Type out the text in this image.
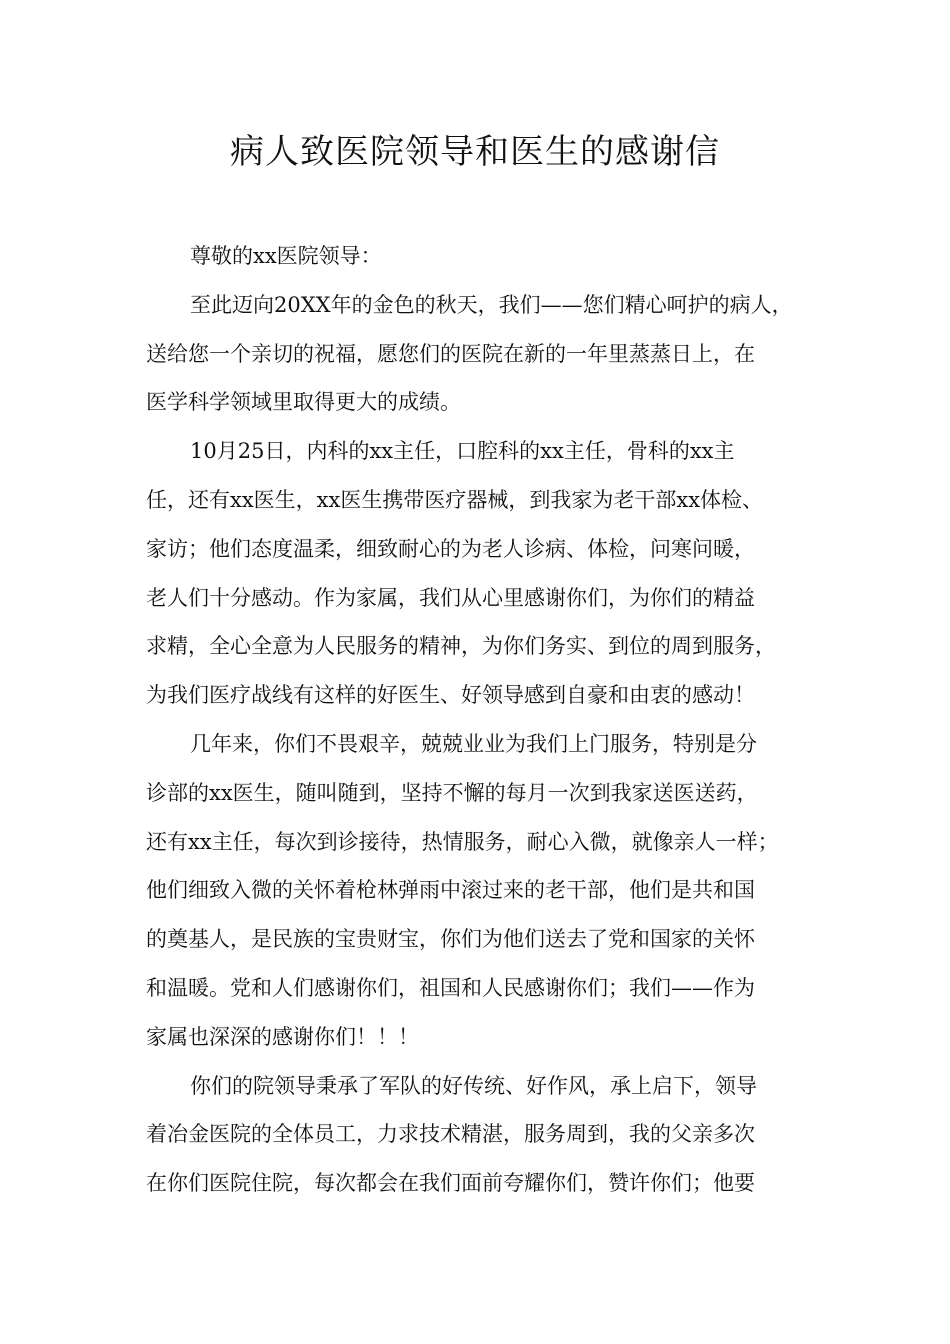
病人致医院领导和医生的感谢信
尊敬的xx医院领导：
至此迈向20XX年的金色的秋天，我们——您们精心呵护的病人，
送给您一个亲切的祝福，愿您们的医院在新的一年里蒸蒸日上，在
医学科学领域里取得更大的成绩。
10月25日，内科的xx主任，口腔科的xx主任，骨科的xx主
任，还有xx医生，xx医生携带医疗器械，到我家为老干部xx体检、
家访；他们态度温柔，细致耐心的为老人诊病、体检，问寒问暖，
老人们十分感动。作为家属，我们从心里感谢你们，为你们的精益
求精，全心全意为人民服务的精神，为你们务实、到位的周到服务，
为我们医疗战线有这样的好医生、好领导感到自豪和由衷的感动！
几年来，你们不畏艰辛，兢兢业业为我们上门服务，特别是分
诊部的xx医生，随叫随到，坚持不懈的每月一次到我家送医送药，
还有xx主任，每次到诊接待，热情服务，耐心入微，就像亲人一样；
他们细致入微的关怀着枪林弹雨中滚过来的老干部，他们是共和国
的奠基人，是民族的宝贵财宝，你们为他们送去了党和国家的关怀
和温暖。党和人们感谢你们，祖国和人民感谢你们；我们——作为
家属也深深的感谢你们！！！
你们的院领导秉承了军队的好传统、好作风，承上启下，领导
着冶金医院的全体员工，力求技术精湛，服务周到，我的父亲多次
在你们医院住院，每次都会在我们面前夸耀你们，赞许你们；他要
